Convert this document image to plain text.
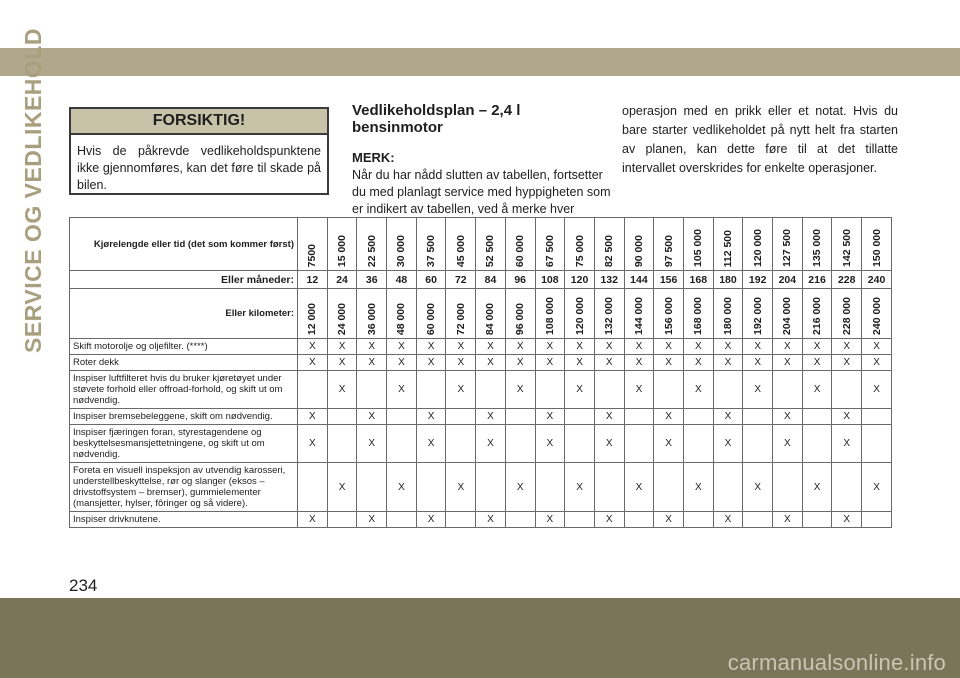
SERVICE OG VEDLIKEHOLD	FORSIKTIG!
Hvis de påkrevde vedlikeholdspunktene ikke gjennomføres, kan det føre til skade på bilen.
Vedlikeholdsplan – 2,4 l bensinmotor
MERK:

Når du har nådd slutten av tabellen, fortsetter du med planlagt service med hyppigheten som er indikert av tabellen, ved å merke hver

operasjon med en prikk eller et notat. Hvis du bare starter vedlikeholdet på nytt helt fra starten av planen, kan dette føre til at det tillatte intervallet overskrides for enkelte operasjoner.
Kjørelengde eller tid (det som kommer først)	7500	15 000	22 500	30 000	37 500	45 000	52 500	60 000	67 500	75 000	82 500	90 000	97 500	105 000	112 500	120 000	127 500	135 000	142 500	150 000

Eller måneder:	12	24	36	48	60	72	84	96	108	120	132	144	156	168	180	192	204	216	228	240
Eller kilometer:	12 000	24 000	36 000	48 000	60 000	72 000	84 000	96 000	108 000	120 000	132 000	144 000	156 000	168 000	180 000	192 000	204 000	216 000	228 000	240 000

Skift motorolje og oljefilter. (****)	X	X	X	X	X	X	X	X	X	X	X	X	X	X	X	X	X	X	X	X
Roter dekk	X	X	X	X	X	X	X	X	X	X	X	X	X	X	X	X	X	X	X	X
Inspiser luftfilteret hvis du bruker kjøretøyet under støvete forhold eller offroad-forhold, og skift ut om nødvendig.		X		X		X		X		X		X		X		X		X		X
Inspiser bremsebeleggene, skift om nødvendig.	X		X		X		X		X		X		X		X		X		X	
Inspiser fjæringen foran, styrestagendene og beskyttelsesmansjettetningene, og skift ut om nødvendig.	X		X		X		X		X		X		X		X		X		X	
Foreta en visuell inspeksjon av utvendig karosseri, understellbeskyttelse, rør og slanger (eksos – drivstoffsystem – bremser), gummielementer (mansjetter, hylser, fôringer og så videre).		X		X		X		X		X		X		X		X		X		X
Inspiser drivknutene.	X		X		X		X		X		X		X		X		X		X	
234
carmanualsonline.info
